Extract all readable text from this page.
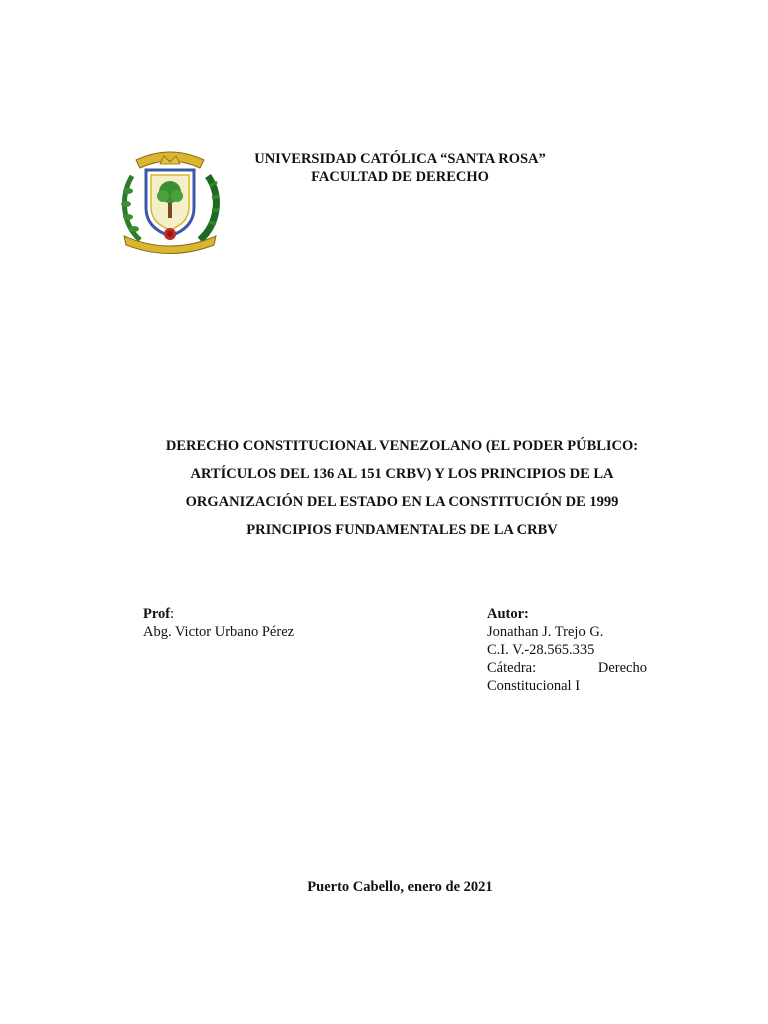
UNIVERSIDAD CATÓLICA “SANTA ROSA”
FACULTAD DE DERECHO
DERECHO CONSTITUCIONAL VENEZOLANO (EL PODER PÚBLICO:
ARTÍCULOS DEL 136 AL 151 CRBV) Y LOS PRINCIPIOS DE LA
ORGANIZACIÓN DEL ESTADO EN LA CONSTITUCIÓN DE 1999
PRINCIPIOS FUNDAMENTALES DE LA CRBV
Prof:
Abg. Victor Urbano Pérez
Autor:
Jonathan J. Trejo G.
C.I. V.-28.565.335
Cátedra:	Derecho
Constitucional I
Puerto Cabello, enero de 2021
